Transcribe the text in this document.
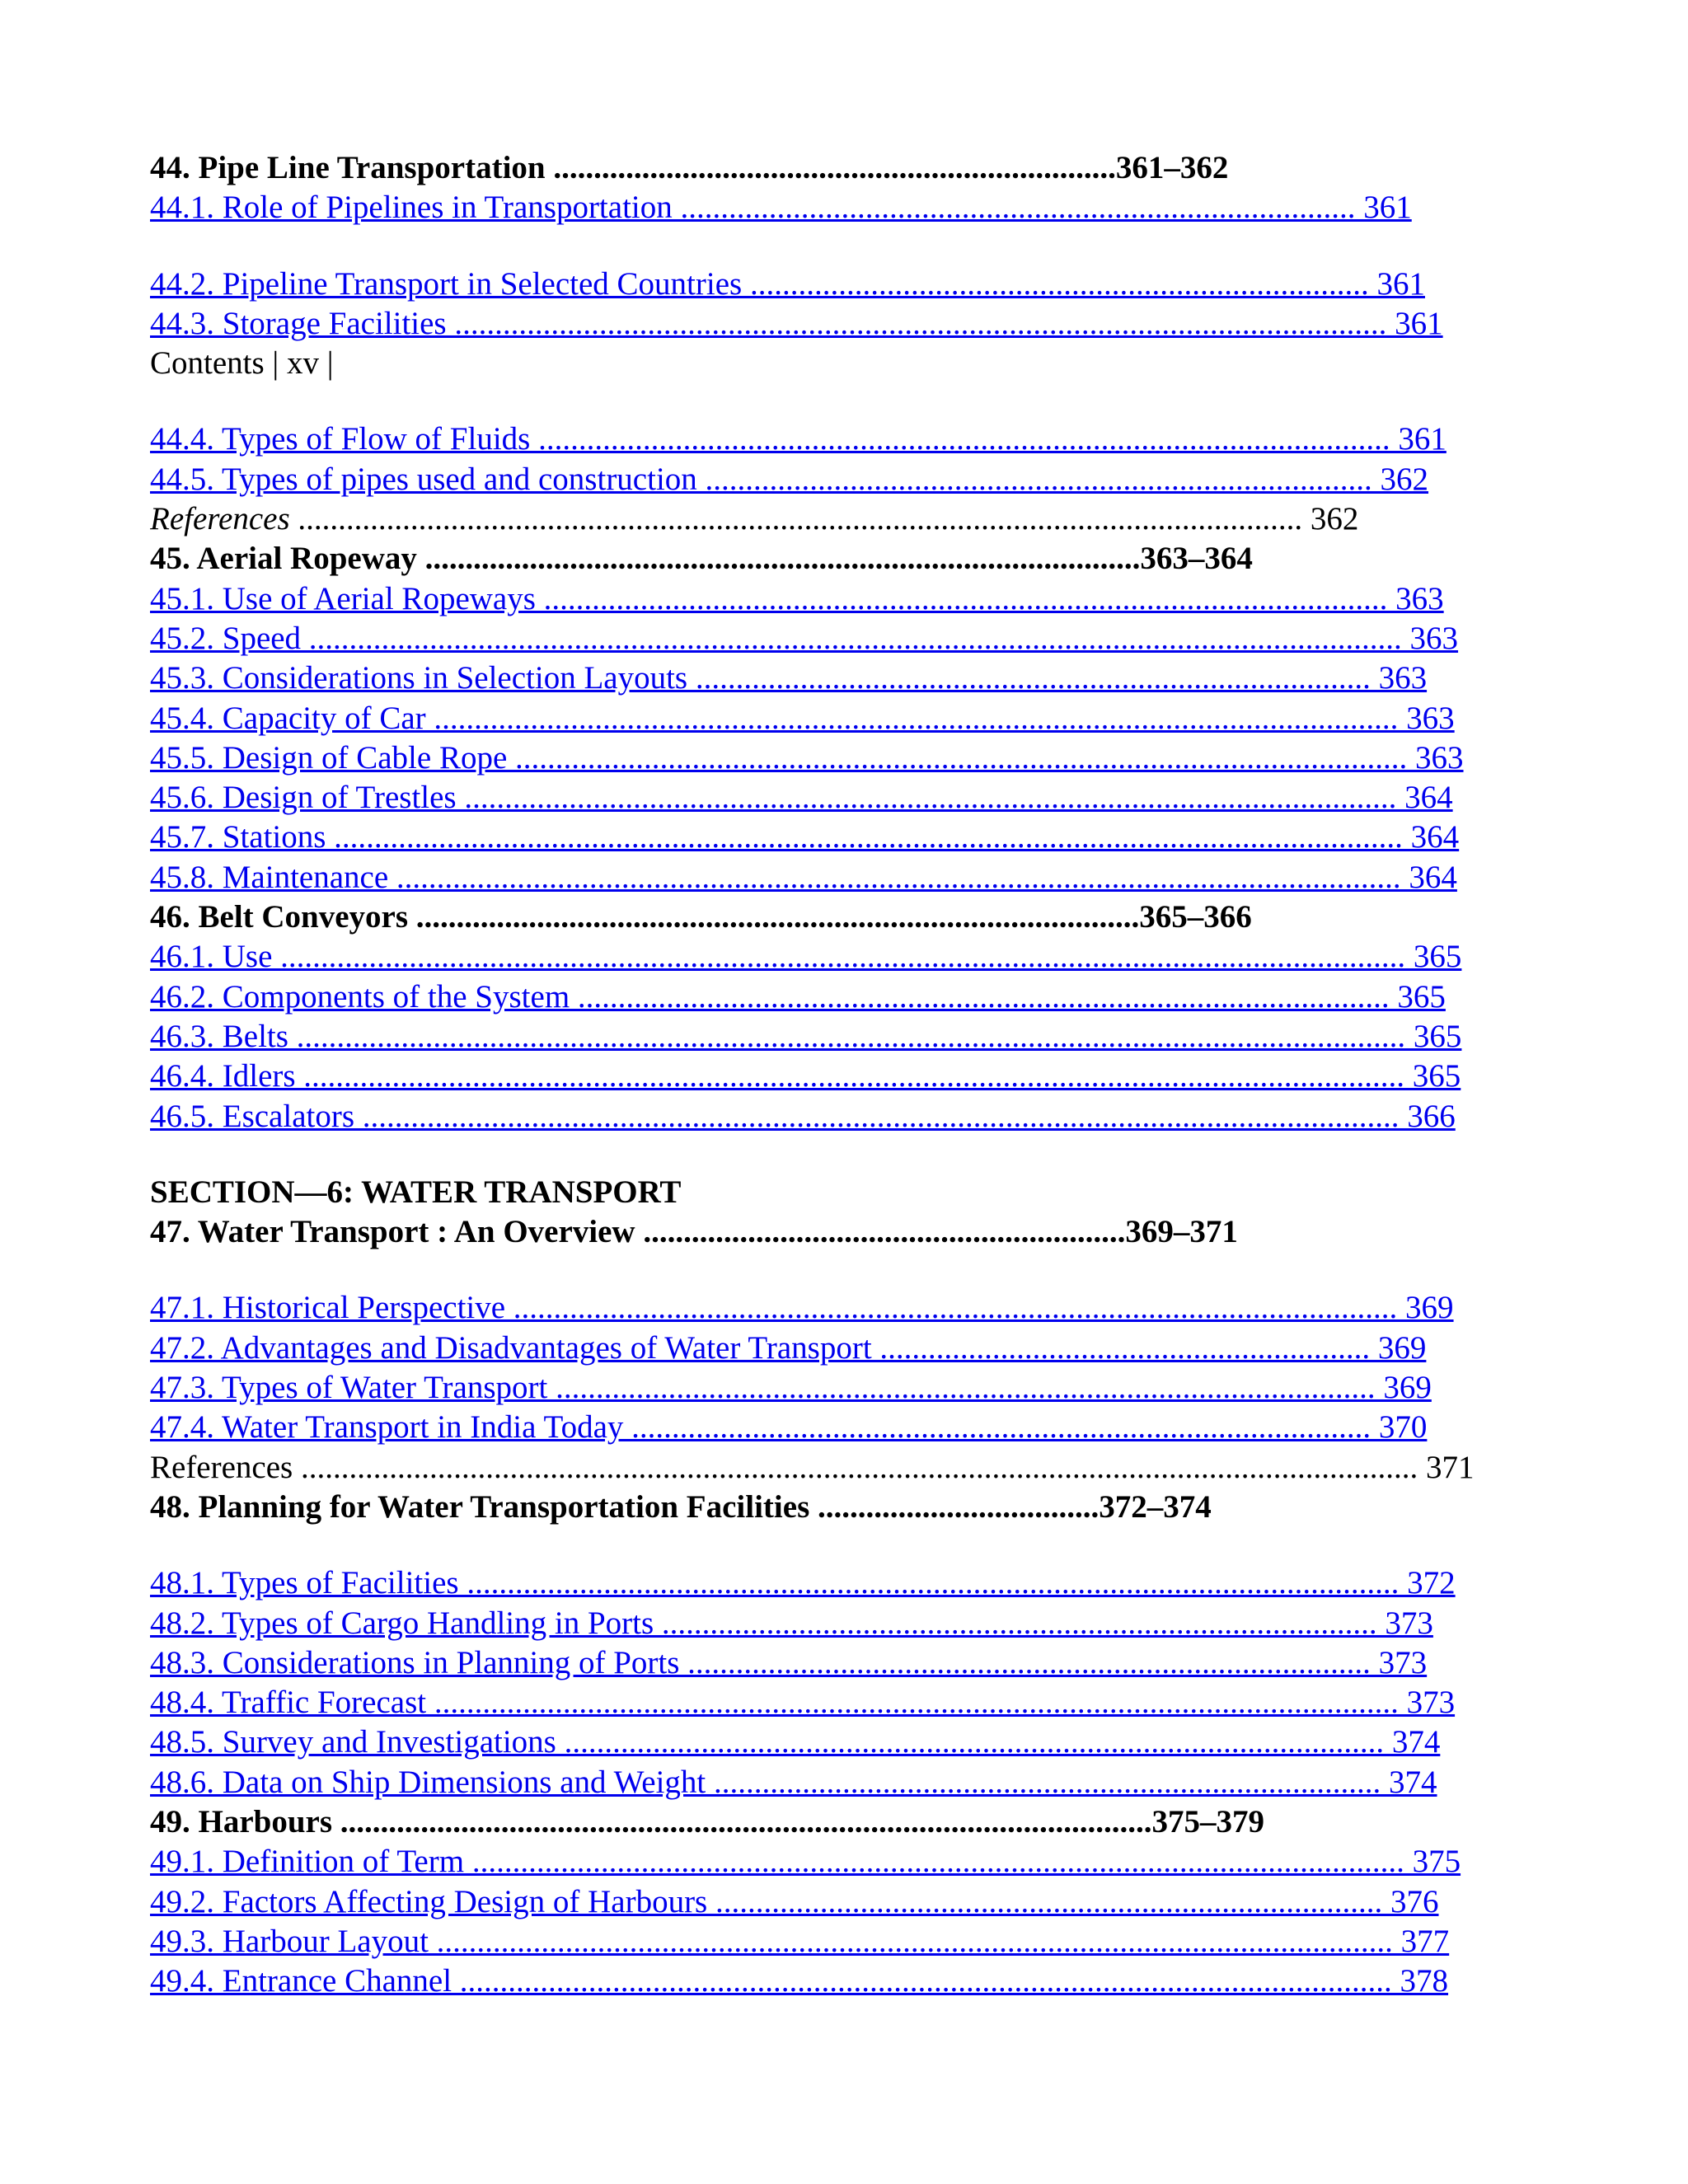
44. Pipe Line Transportation ......................................................................361–362
44.1. Role of Pipelines in Transportation .................................................................................... 361
44.2. Pipeline Transport in Selected Countries ............................................................................. 361
44.3. Storage Facilities .................................................................................................................... 361
Contents | xv |
44.4. Types of Flow of Fluids .......................................................................................................... 361
44.5. Types of pipes used and construction ................................................................................... 362
References ............................................................................................................................. 362
45. Aerial Ropeway .........................................................................................363–364
45.1. Use of Aerial Ropeways ......................................................................................................... 363
45.2. Speed ........................................................................................................................................ 363
45.3. Considerations in Selection Layouts .................................................................................... 363
45.4. Capacity of Car ........................................................................................................................ 363
45.5. Design of Cable Rope ............................................................................................................... 363
45.6. Design of Trestles .................................................................................................................... 364
45.7. Stations ..................................................................................................................................... 364
45.8. Maintenance ............................................................................................................................. 364
46. Belt Conveyors ..........................................................................................365–366
46.1. Use ............................................................................................................................................ 365
46.2. Components of the System ..................................................................................................... 365
46.3. Belts .......................................................................................................................................... 365
46.4. Idlers ......................................................................................................................................... 365
46.5. Escalators ................................................................................................................................. 366
SECTION—6: WATER TRANSPORT
47. Water Transport : An Overview ............................................................369–371
47.1. Historical Perspective .............................................................................................................. 369
47.2. Advantages and Disadvantages of Water Transport ............................................................. 369
47.3. Types of Water Transport ...................................................................................................... 369
47.4. Water Transport in India Today ............................................................................................ 370
References ........................................................................................................................................... 371
48. Planning for Water Transportation Facilities ...................................372–374
48.1. Types of Facilities .................................................................................................................... 372
48.2. Types of Cargo Handling in Ports ......................................................................................... 373
48.3. Considerations in Planning of Ports ..................................................................................... 373
48.4. Traffic Forecast ........................................................................................................................ 373
48.5. Survey and Investigations ...................................................................................................... 374
48.6. Data on Ship Dimensions and Weight ................................................................................... 374
49. Harbours .....................................................................................................375–379
49.1. Definition of Term .................................................................................................................... 375
49.2. Factors Affecting Design of Harbours ................................................................................... 376
49.3. Harbour Layout ....................................................................................................................... 377
49.4. Entrance Channel .................................................................................................................... 378
